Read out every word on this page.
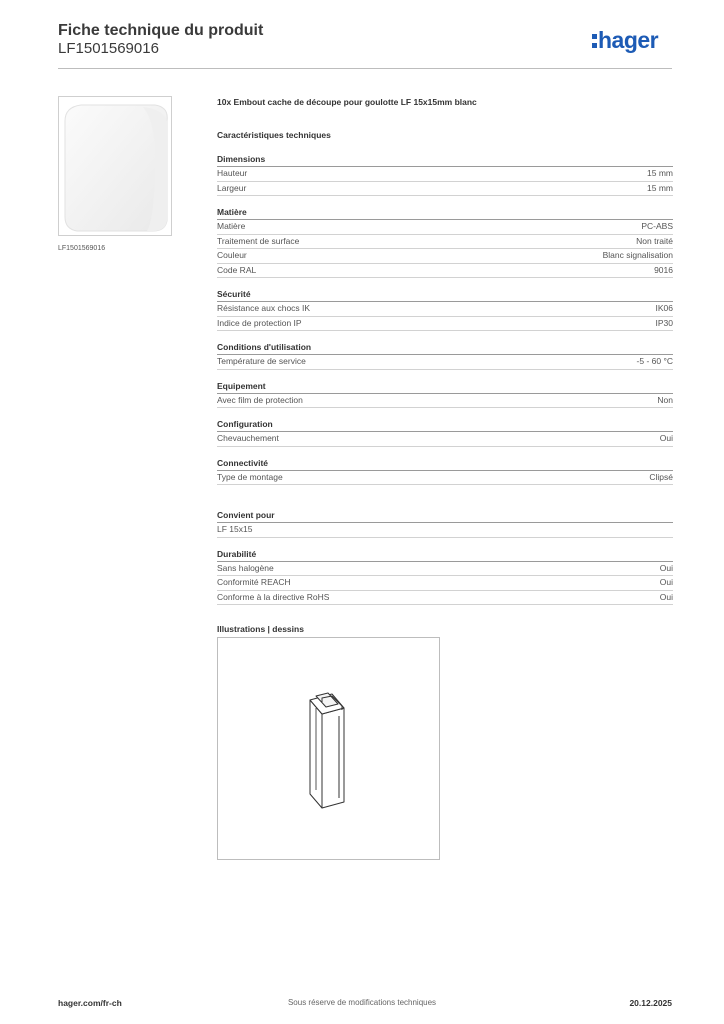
Fiche technique du produit
LF1501569016	hager
LF1501569016
10x Embout cache de découpe pour goulotte LF 15x15mm blanc
Caractéristiques techniques
Dimensions
Hauteur	15 mm
Largeur	15 mm
Matière
Matière	PC-ABS
Traitement de surface	Non traité
Couleur	Blanc signalisation
Code RAL	9016
Sécurité
Résistance aux chocs IK	IK06
Indice de protection IP	IP30
Conditions d'utilisation
Température de service	-5 - 60 °C
Equipement
Avec film de protection	Non
Configuration
Chevauchement	Oui
Connectivité
Type de montage	Clipsé
Convient pour
LF 15x15
Durabilité
Sans halogène	Oui
Conformité REACH	Oui
Conforme à la directive RoHS	Oui
Illustrations | dessins
hager.com/fr-ch	Sous réserve de modifications techniques	20.12.2025
